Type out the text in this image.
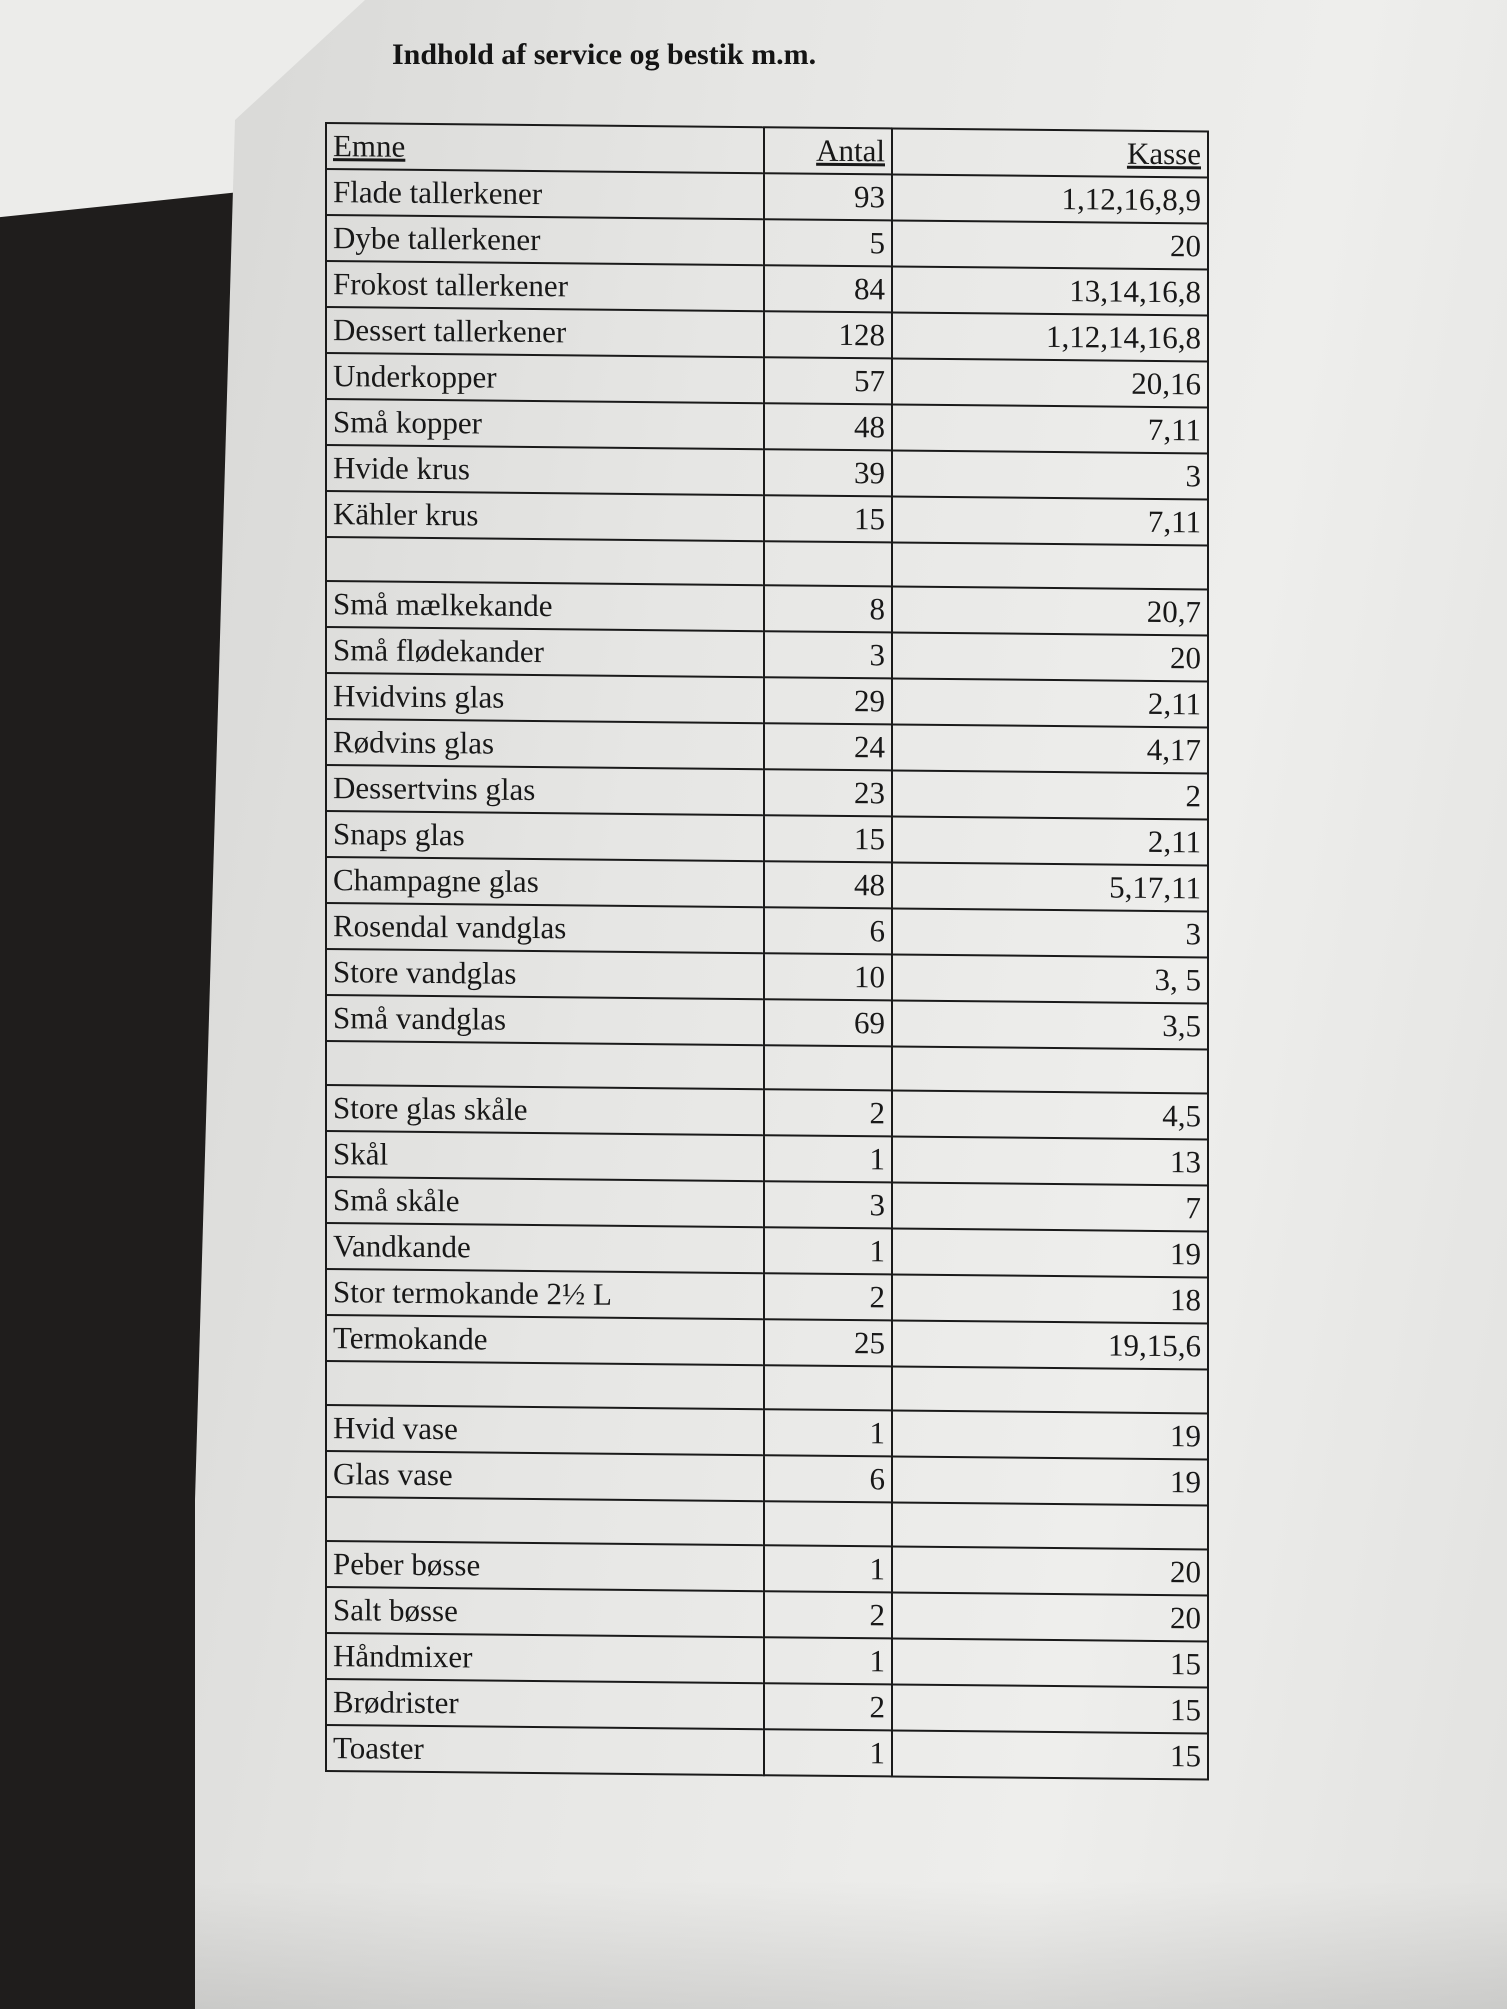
Indhold af service og bestik m.m.
Emne	Antal	Kasse
Flade tallerkener	93	1,12,16,8,9
Dybe tallerkener	5	20
Frokost tallerkener	84	13,14,16,8
Dessert tallerkener	128	1,12,14,16,8
Underkopper	57	20,16
Små kopper	48	7,11
Hvide krus	39	3
Kähler krus	15	7,11

Små mælkekande	8	20,7
Små flødekander	3	20
Hvidvins glas	29	2,11
Rødvins glas	24	4,17
Dessertvins glas	23	2
Snaps glas	15	2,11
Champagne glas	48	5,17,11
Rosendal vandglas	6	3
Store vandglas	10	3, 5
Små vandglas	69	3,5

Store glas skåle	2	4,5
Skål	1	13
Små skåle	3	7
Vandkande	1	19
Stor termokande 2½ L	2	18
Termokande	25	19,15,6

Hvid vase	1	19
Glas vase	6	19

Peber bøsse	1	20
Salt bøsse	2	20
Håndmixer	1	15
Brødrister	2	15
Toaster	1	15
